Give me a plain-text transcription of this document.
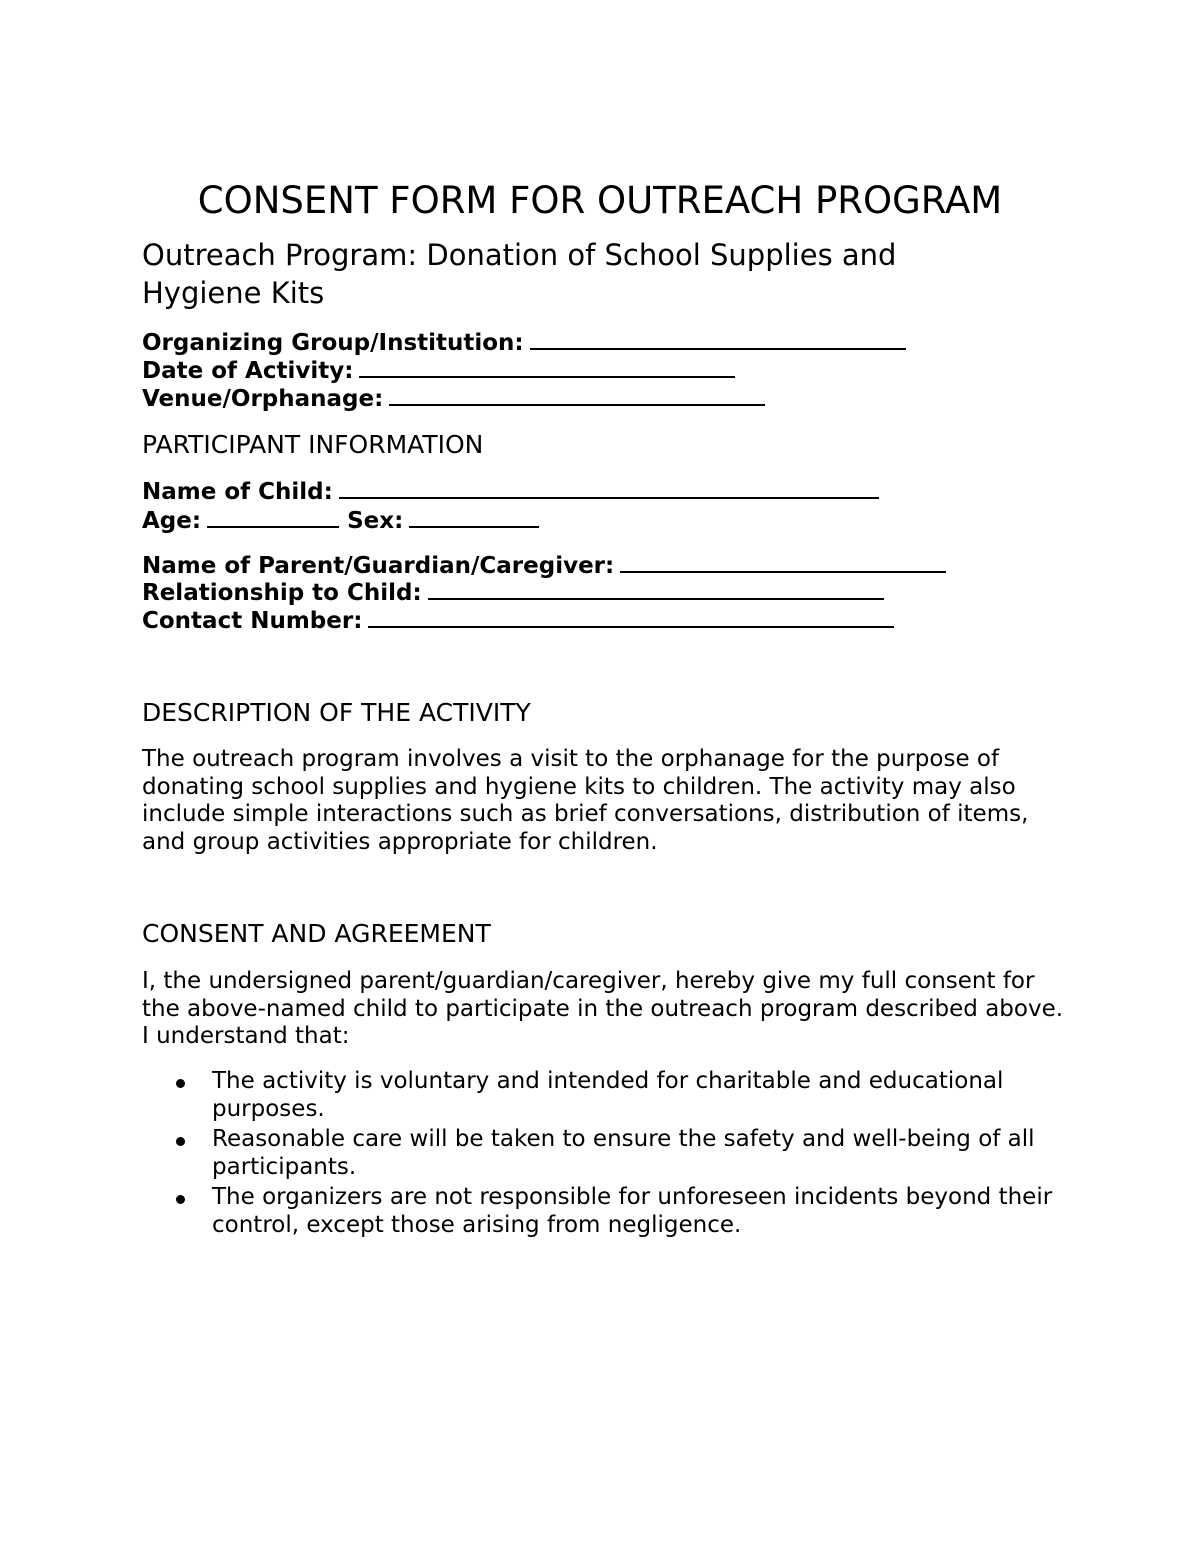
CONSENT FORM FOR OUTREACH PROGRAM
Outreach Program: Donation of School Supplies and Hygiene Kits
Organizing Group/Institution:
Date of Activity:
Venue/Orphanage:
PARTICIPANT INFORMATION
Name of Child:
Age:	Sex:
Name of Parent/Guardian/Caregiver:
Relationship to Child:
Contact Number:
DESCRIPTION OF THE ACTIVITY
The outreach program involves a visit to the orphanage for the purpose of donating school supplies and hygiene kits to children. The activity may also include simple interactions such as brief conversations, distribution of items, and group activities appropriate for children.
CONSENT AND AGREEMENT
I, the undersigned parent/guardian/caregiver, hereby give my full consent for the above-named child to participate in the outreach program described above. I understand that:
The activity is voluntary and intended for charitable and educational purposes.
Reasonable care will be taken to ensure the safety and well-being of all participants.
The organizers are not responsible for unforeseen incidents beyond their control, except those arising from negligence.
